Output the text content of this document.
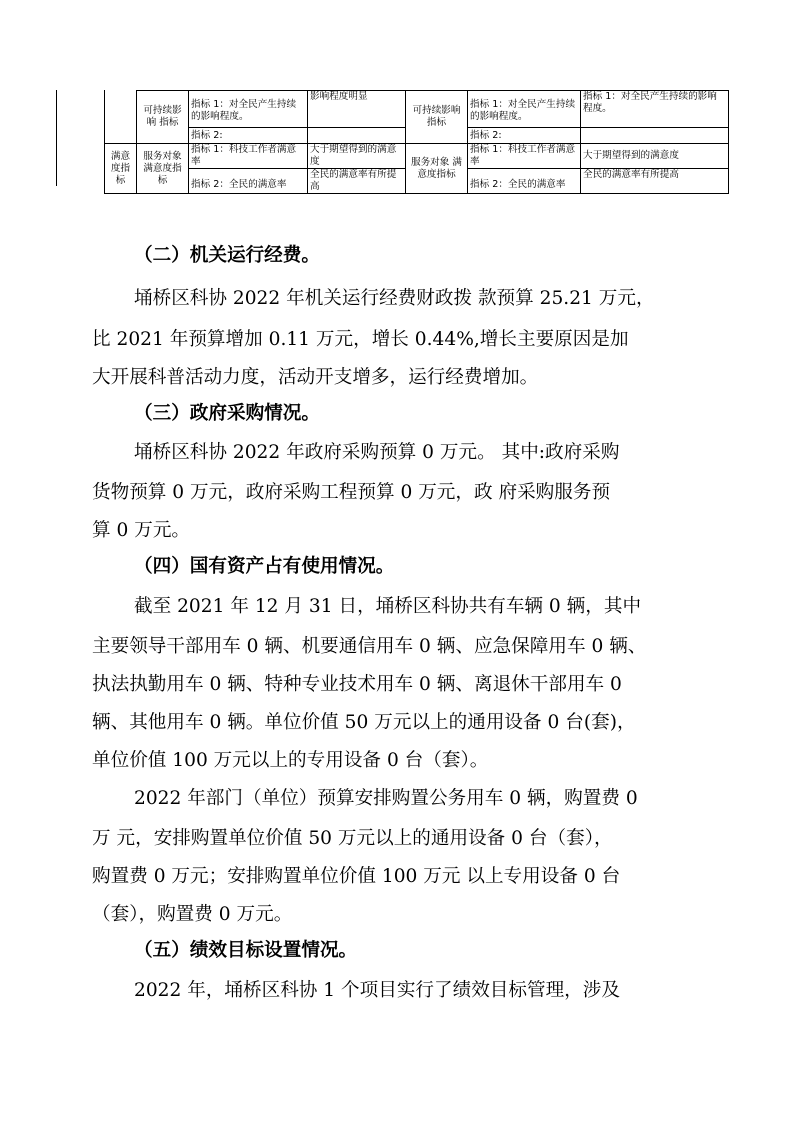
	可持续影响 指标	指标 1：对全民产生持续的影响程度。	影响程度明显	可持续影响指标	指标 1：对全民产生持续的影响程度。	指标 1：对全民产生持续的影响程度。
		指标 2:			指标 2:	
满意度指标	服务对象满意度指标	指标 1：科技工作者满意率	大于期望得到的满意度	服务对象 满意度指标	指标 1：科技工作者满意率	大于期望得到的满意度
		指标 2：全民的满意率	全民的满意率有所提高		指标 2：全民的满意率	全民的满意率有所提高
（二）机关运行经费。
埇桥区科协 2022 年机关运行经费财政拨 款预算 25.21 万元，
比 2021 年预算增加 0.11 万元，增长 0.44%,增长主要原因是加
大开展科普活动力度，活动开支增多，运行经费增加。
（三）政府采购情况。
埇桥区科协 2022 年政府采购预算 0 万元。 其中:政府采购
货物预算 0 万元，政府采购工程预算 0 万元，政 府采购服务预
算 0 万元。
（四）国有资产占有使用情况。
截至 2021 年 12 月 31 日，埇桥区科协共有车辆 0 辆，其中
主要领导干部用车 0 辆、机要通信用车 0 辆、应急保障用车 0 辆、
执法执勤用车 0 辆、特种专业技术用车 0 辆、离退休干部用车 0
辆、其他用车 0 辆。单位价值 50 万元以上的通用设备 0 台(套)，
单位价值 100 万元以上的专用设备 0 台（套）。
2022 年部门（单位）预算安排购置公务用车 0 辆，购置费 0
万 元，安排购置单位价值 50 万元以上的通用设备 0 台（套），
购置费 0 万元；安排购置单位价值 100 万元 以上专用设备 0 台
（套），购置费 0 万元。
（五）绩效目标设置情况。
2022 年，埇桥区科协 1 个项目实行了绩效目标管理，涉及
